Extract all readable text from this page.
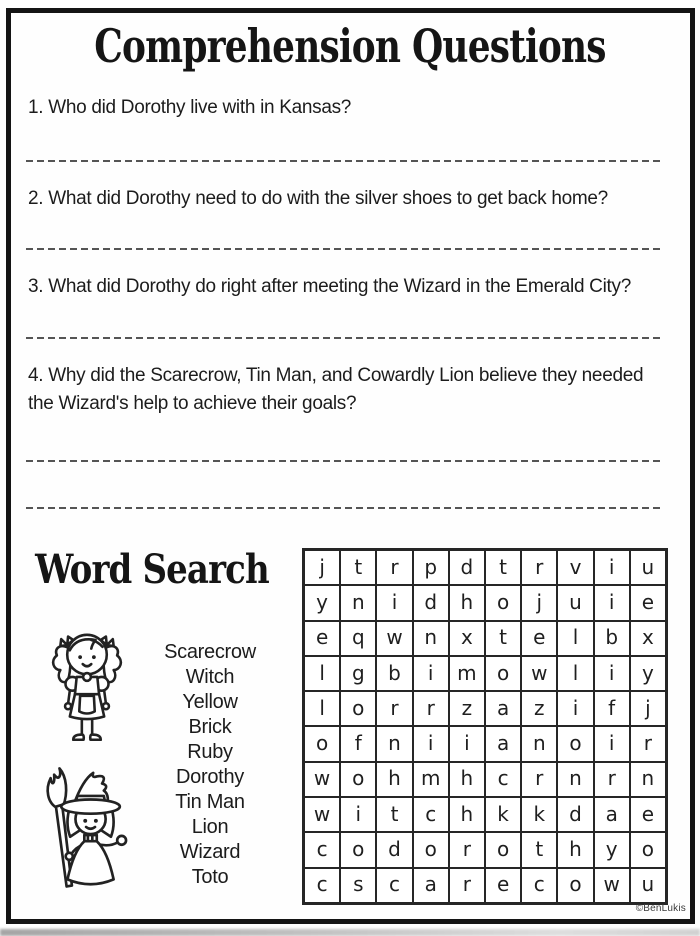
Comprehension Questions
1. Who did Dorothy live with in Kansas?
2. What did Dorothy need to do with the silver shoes to get back home?
3. What did Dorothy do right after meeting the Wizard in the Emerald City?
4. Why did the Scarecrow, Tin Man, and Cowardly Lion believe they needed
the Wizard's help to achieve their goals?
Word Search
Scarecrow
Witch
Yellow
Brick
Ruby
Dorothy
Tin Man
Lion
Wizard
Toto
j	t	r	p	d	t	r	v	i	u
y	n	i	d	h	o	j	u	i	e
e	q	w	n	x	t	e	l	b	x
l	g	b	i	m	o	w	l	i	y
l	o	r	r	z	a	z	i	f	j
o	f	n	i	i	a	n	o	i	r
w	o	h	m	h	c	r	n	r	n
w	i	t	c	h	k	k	d	a	e
c	o	d	o	r	o	t	h	y	o
c	s	c	a	r	e	c	o	w	u
©BenLukis
